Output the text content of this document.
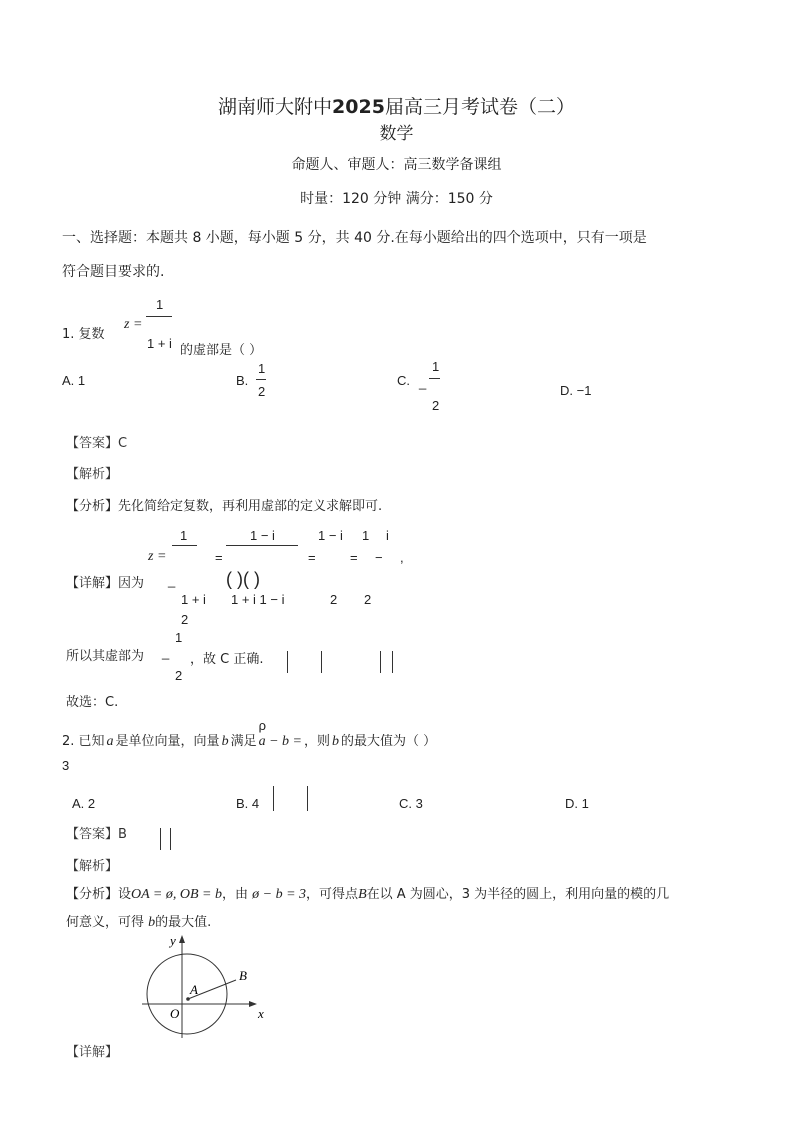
湖南师大附中2025届高三月考试卷（二）
数学
命题人、审题人：高三数学备课组
时量：120 分钟 满分：150 分
一、选择题：本题共 8 小题，每小题 5 分，共 40 分.在每小题给出的四个选项中，只有一项是
符合题目要求的.
1. 复数
z =
1
1 + i 的虚部是（ ）
A. 1	B.
1
2
C. _
1
2
D. −1
【答案】C
【解析】
【分析】先化简给定复数，再利用虚部的定义求解即可.
1	1 − i	1 − i 1 i
z =	=	=	= − ,
【详解】因为 _	( )( )
1 + i 1 + i 1 − i	2 2
2
所以其虚部为 _
1
2
，故 C 正确.
故选：C.
2. 已知 a 是单位向量，向量 b 满足
ρ
a − b = ，则 b 的最大值为（ ）
3
A. 2	B. 4	C. 3	D. 1
【答案】B
【解析】
【分析】设OA = ø, OB = b，由 ø − b = 3，可得点B在以 A 为圆心，3 为半径的圆上，利用向量的模的几
何意义，可得 b的最大值.
y
x
A
B
O
【详解】
